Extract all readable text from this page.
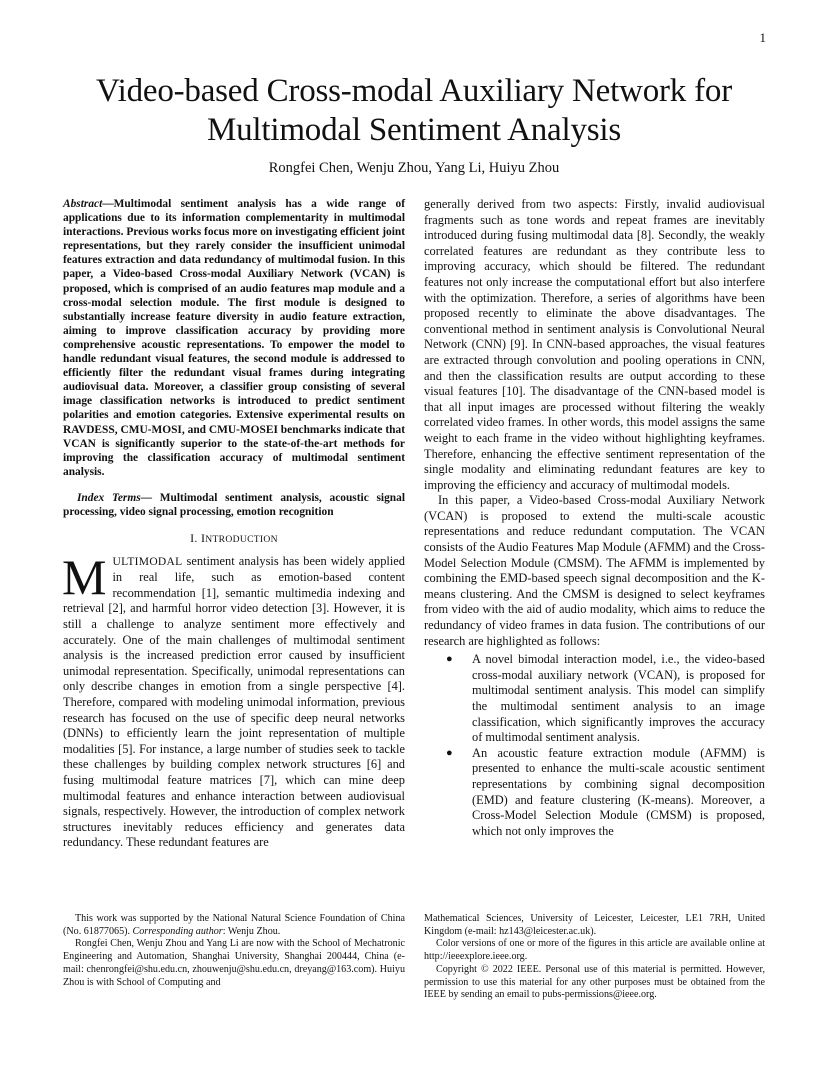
1
Video-based Cross-modal Auxiliary Network for Multimodal Sentiment Analysis
Rongfei Chen, Wenju Zhou, Yang Li, Huiyu Zhou

Abstract—Multimodal sentiment analysis has a wide range of applications due to its information complementarity in multimodal interactions. Previous works focus more on investigating efficient joint representations, but they rarely consider the insufficient unimodal features extraction and data redundancy of multimodal fusion. In this paper, a Video-based Cross-modal Auxiliary Network (VCAN) is proposed, which is comprised of an audio features map module and a cross-modal selection module. The first module is designed to substantially increase feature diversity in audio feature extraction, aiming to improve classification accuracy by providing more comprehensive acoustic representations. To empower the model to handle redundant visual features, the second module is addressed to efficiently filter the redundant visual frames during integrating audiovisual data. Moreover, a classifier group consisting of several image classification networks is introduced to predict sentiment polarities and emotion categories. Extensive experimental results on RAVDESS, CMU-MOSI, and CMU-MOSEI benchmarks indicate that VCAN is significantly superior to the state-of-the-art methods for improving the classification accuracy of multimodal sentiment analysis.

Index Terms— Multimodal sentiment analysis, acoustic signal processing, video signal processing, emotion recognition

I. INTRODUCTION

MULTIMODAL sentiment analysis has been widely applied in real life, such as emotion-based content recommendation [1], semantic multimedia indexing and retrieval [2], and harmful horror video detection [3]. However, it is still a challenge to analyze sentiment more effectively and accurately. One of the main challenges of multimodal sentiment analysis is the increased prediction error caused by insufficient unimodal representation. Specifically, unimodal representations can only describe changes in emotion from a single perspective [4]. Therefore, compared with modeling unimodal information, previous research has focused on the use of specific deep neural networks (DNNs) to efficiently learn the joint representation of multiple modalities [5]. For instance, a large number of studies seek to tackle these challenges by building complex network structures [6] and fusing multimodal feature matrices [7], which can mine deep multimodal features and enhance interaction between audiovisual signals, respectively. However, the introduction of complex network structures inevitably reduces efficiency and generates data redundancy. These redundant features are

generally derived from two aspects: Firstly, invalid audiovisual fragments such as tone words and repeat frames are inevitably introduced during fusing multimodal data [8]. Secondly, the weakly correlated features are redundant as they contribute less to improving accuracy, which should be filtered. The redundant features not only increase the computational effort but also interfere with the optimization. Therefore, a series of algorithms have been proposed recently to eliminate the above disadvantages. The conventional method in sentiment analysis is Convolutional Neural Network (CNN) [9]. In CNN-based approaches, the visual features are extracted through convolution and pooling operations in CNN, and then the classification results are output according to these visual features [10]. The disadvantage of the CNN-based model is that all input images are processed without filtering the weakly correlated video frames. In other words, this model assigns the same weight to each frame in the video without highlighting keyframes. Therefore, enhancing the effective sentiment representation of the single modality and eliminating redundant features are key to improving the efficiency and accuracy of multimodal models.

In this paper, a Video-based Cross-modal Auxiliary Network (VCAN) is proposed to extend the multi-scale acoustic representations and reduce redundant computation. The VCAN consists of the Audio Features Map Module (AFMM) and the Cross-Model Selection Module (CMSM). The AFMM is implemented by combining the EMD-based speech signal decomposition and the K-means clustering. And the CMSM is designed to select keyframes from video with the aid of audio modality, which aims to reduce the redundancy of video frames in data fusion. The contributions of our research are highlighted as follows:

● A novel bimodal interaction model, i.e., the video-based cross-modal auxiliary network (VCAN), is proposed for multimodal sentiment analysis. This model can simplify the multimodal sentiment analysis to an image classification, which significantly improves the accuracy of multimodal sentiment analysis.
● An acoustic feature extraction module (AFMM) is presented to enhance the multi-scale acoustic sentiment representations by combining signal decomposition (EMD) and feature clustering (K-means). Moreover, a Cross-Model Selection Module (CMSM) is proposed, which not only improves the

This work was supported by the National Natural Science Foundation of China (No. 61877065). Corresponding author: Wenju Zhou.

Rongfei Chen, Wenju Zhou and Yang Li are now with the School of Mechatronic Engineering and Automation, Shanghai University, Shanghai 200444, China (e-mail: chenrongfei@shu.edu.cn, zhouwenju@shu.edu.cn, dreyang@163.com). Huiyu Zhou is with School of Computing and

Mathematical Sciences, University of Leicester, Leicester, LE1 7RH, United Kingdom (e-mail: hz143@leicester.ac.uk).

Color versions of one or more of the figures in this article are available online at http://ieeexplore.ieee.org.

Copyright © 2022 IEEE. Personal use of this material is permitted. However, permission to use this material for any other purposes must be obtained from the IEEE by sending an email to pubs-permissions@ieee.org.
